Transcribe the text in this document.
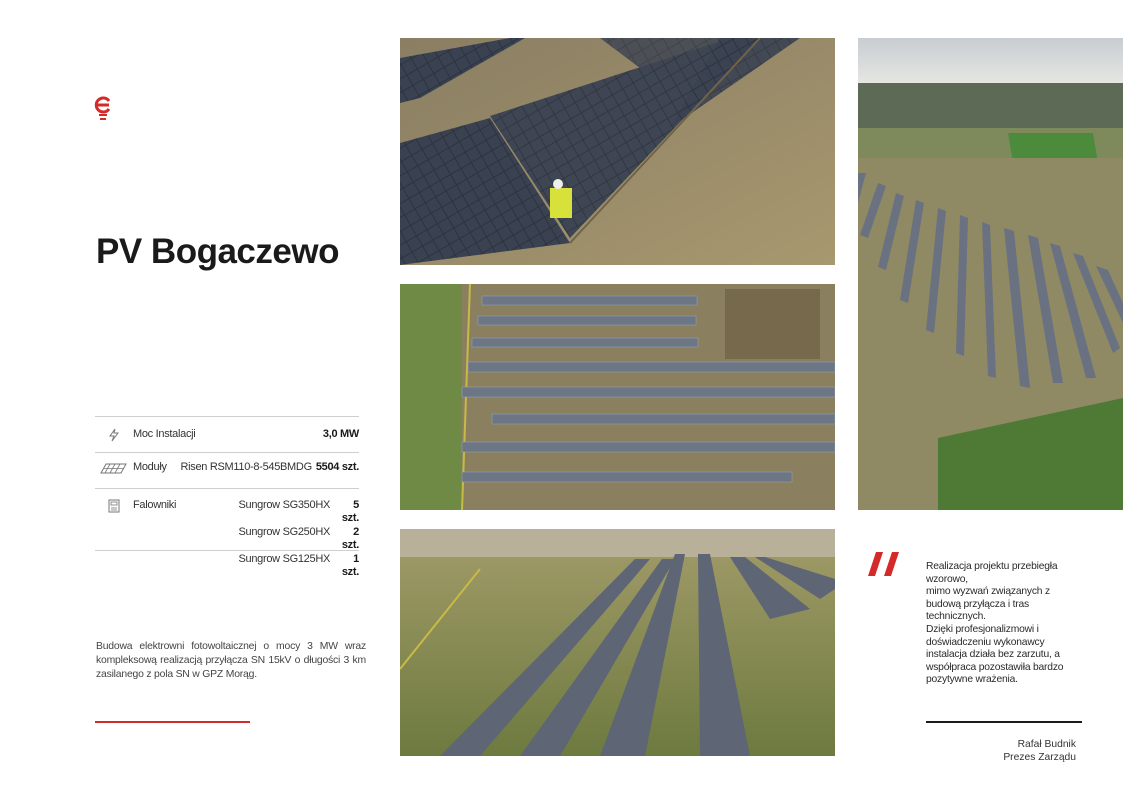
PV Bogaczewo
Moc Instalacji	3,0 MW
Moduły	Risen RSM110-8-545BMDG 5504 szt.
Falowniki	Sungrow SG350HX	5 szt.
Sungrow SG250HX	2 szt.
Sungrow SG125HX	1 szt.

Budowa elektrowni fotowoltaicznej o mocy 3 MW wraz kompleksową realizacją przyłącza SN 15kV o długości 3 km zasilanego z pola SN w GPZ Morąg.

Realizacja projektu przebiegła wzorowo,
mimo wyzwań związanych z budową przyłącza i tras technicznych.
Dzięki profesjonalizmowi i doświadczeniu wykonawcy instalacja działa bez zarzutu, a współpraca pozostawiła bardzo pozytywne wrażenia.

Rafał Budnik
Prezes Zarządu
